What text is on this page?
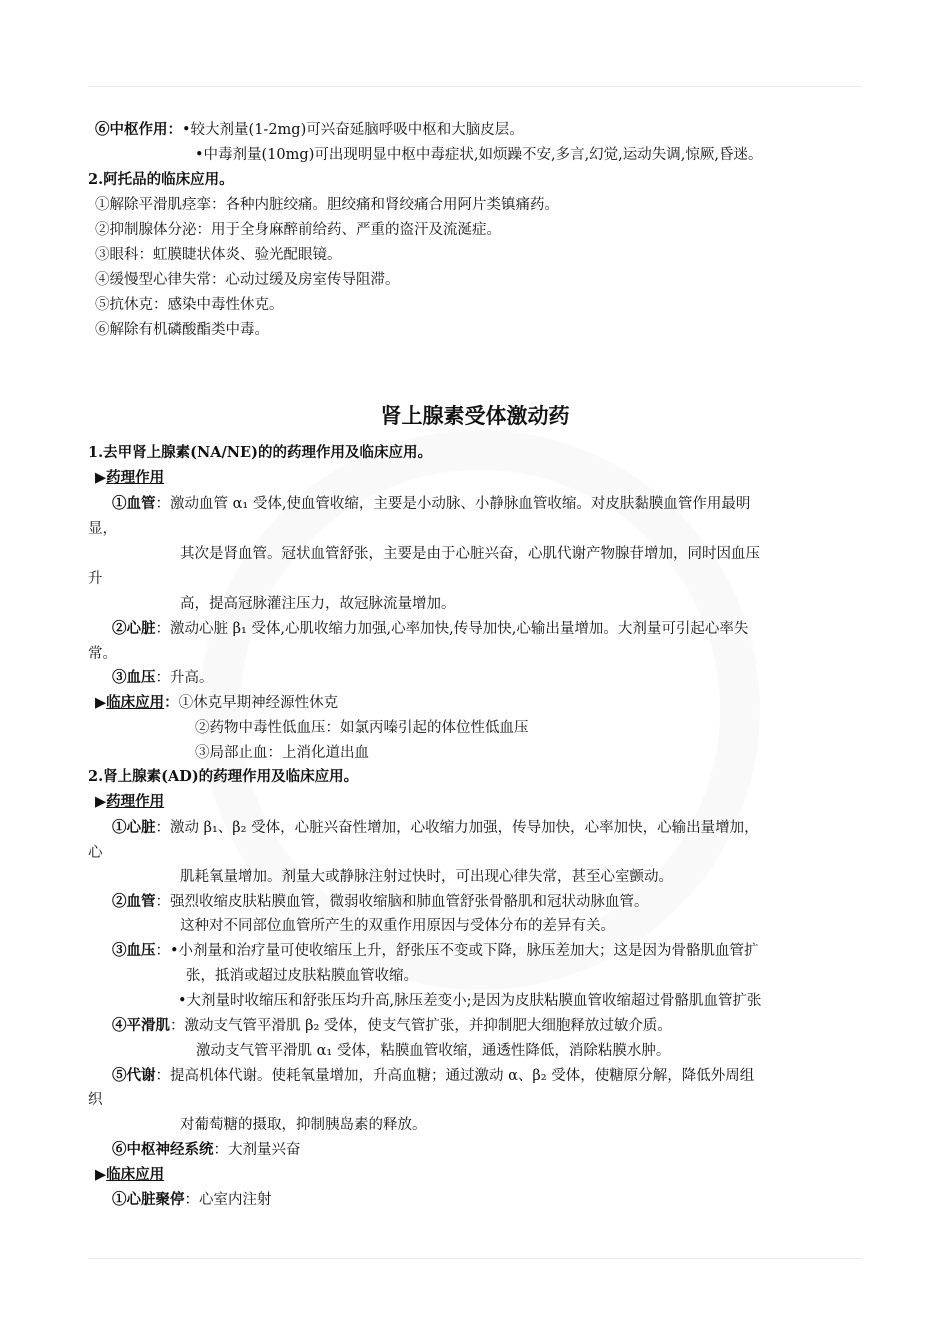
⑥中枢作用：•较大剂量(1-2mg)可兴奋延脑呼吸中枢和大脑皮层。
•中毒剂量(10mg)可出现明显中枢中毒症状,如烦躁不安,多言,幻觉,运动失调,惊厥,昏迷。
2.阿托品的临床应用。
①解除平滑肌痉挛：各种内脏绞痛。胆绞痛和肾绞痛合用阿片类镇痛药。
②抑制腺体分泌：用于全身麻醉前给药、严重的盗汗及流涎症。
③眼科：虹膜睫状体炎、验光配眼镜。
④缓慢型心律失常：心动过缓及房室传导阻滞。
⑤抗休克：感染中毒性休克。
⑥解除有机磷酸酯类中毒。
肾上腺素受体激动药
1.去甲肾上腺素(NA/NE)的的药理作用及临床应用。
▶药理作用
①血管：激动血管 α₁ 受体,使血管收缩，主要是小动脉、小静脉血管收缩。对皮肤黏膜血管作用最明
显，
其次是肾血管。冠状血管舒张，主要是由于心脏兴奋，心肌代谢产物腺苷增加，同时因血压
升
高，提高冠脉灌注压力，故冠脉流量增加。
②心脏：激动心脏 β₁ 受体,心肌收缩力加强,心率加快,传导加快,心输出量增加。大剂量可引起心率失
常。
③血压：升高。
▶临床应用：①休克早期神经源性休克
②药物中毒性低血压：如氯丙嗪引起的体位性低血压
③局部止血：上消化道出血
2.肾上腺素(AD)的药理作用及临床应用。
▶药理作用
①心脏：激动 β₁、β₂ 受体，心脏兴奋性增加，心收缩力加强，传导加快，心率加快，心输出量增加，
心
肌耗氧量增加。剂量大或静脉注射过快时，可出现心律失常，甚至心室颤动。
②血管：强烈收缩皮肤粘膜血管，微弱收缩脑和肺血管舒张骨骼肌和冠状动脉血管。
这种对不同部位血管所产生的双重作用原因与受体分布的差异有关。
③血压：•小剂量和治疗量可使收缩压上升，舒张压不变或下降，脉压差加大；这是因为骨骼肌血管扩
张，抵消或超过皮肤粘膜血管收缩。
•大剂量时收缩压和舒张压均升高,脉压差变小;是因为皮肤粘膜血管收缩超过骨骼肌血管扩张
④平滑肌：激动支气管平滑肌 β₂ 受体，使支气管扩张，并抑制肥大细胞释放过敏介质。
激动支气管平滑肌 α₁ 受体，粘膜血管收缩，通透性降低，消除粘膜水肿。
⑤代谢：提高机体代谢。使耗氧量增加，升高血糖；通过激动 α、β₂ 受体，使糖原分解，降低外周组
织
对葡萄糖的摄取，抑制胰岛素的释放。
⑥中枢神经系统：大剂量兴奋
▶临床应用
①心脏聚停：心室内注射
